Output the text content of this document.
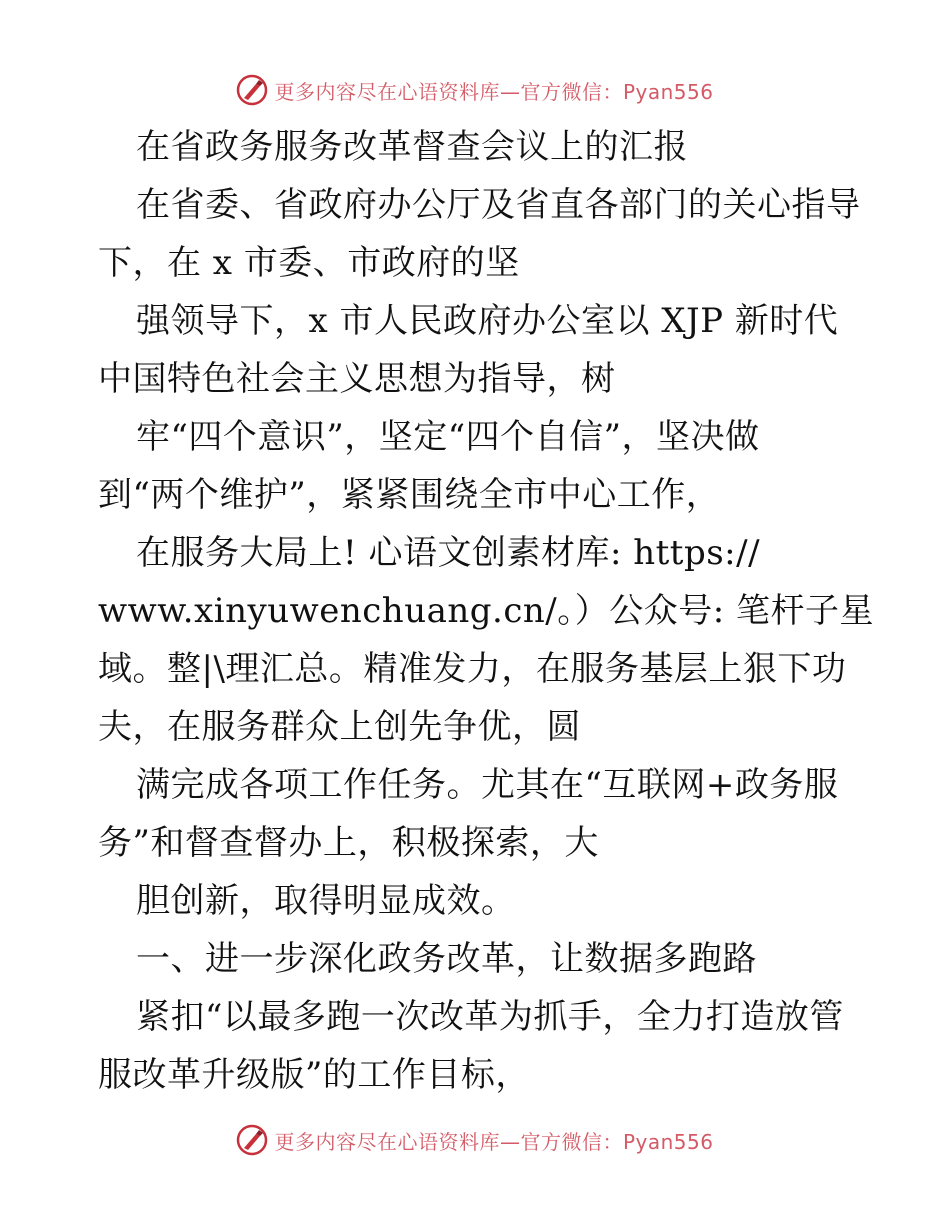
更多内容尽在心语资料库—官方微信：Pyan556
在省政务服务改革督查会议上的汇报
在省委、省政府办公厅及省直各部门的关心指导
下，在 x 市委、市政府的坚
强领导下，x 市人民政府办公室以 XJP 新时代
中国特色社会主义思想为指导，树
牢“四个意识”，坚定“四个自信”，坚决做
到“两个维护”，紧紧围绕全市中心工作，
在服务大局上! 心语文创素材库: https://
www.xinyuwenchuang.cn/。）公众号: 笔杆子星
域。整|\理汇总。精准发力，在服务基层上狠下功
夫，在服务群众上创先争优，圆
满完成各项工作任务。尤其在“互联网+政务服
务”和督查督办上，积极探索，大
胆创新，取得明显成效。
一、进一步深化政务改革，让数据多跑路
紧扣“以最多跑一次改革为抓手，全力打造放管
服改革升级版”的工作目标，
更多内容尽在心语资料库—官方微信：Pyan556
